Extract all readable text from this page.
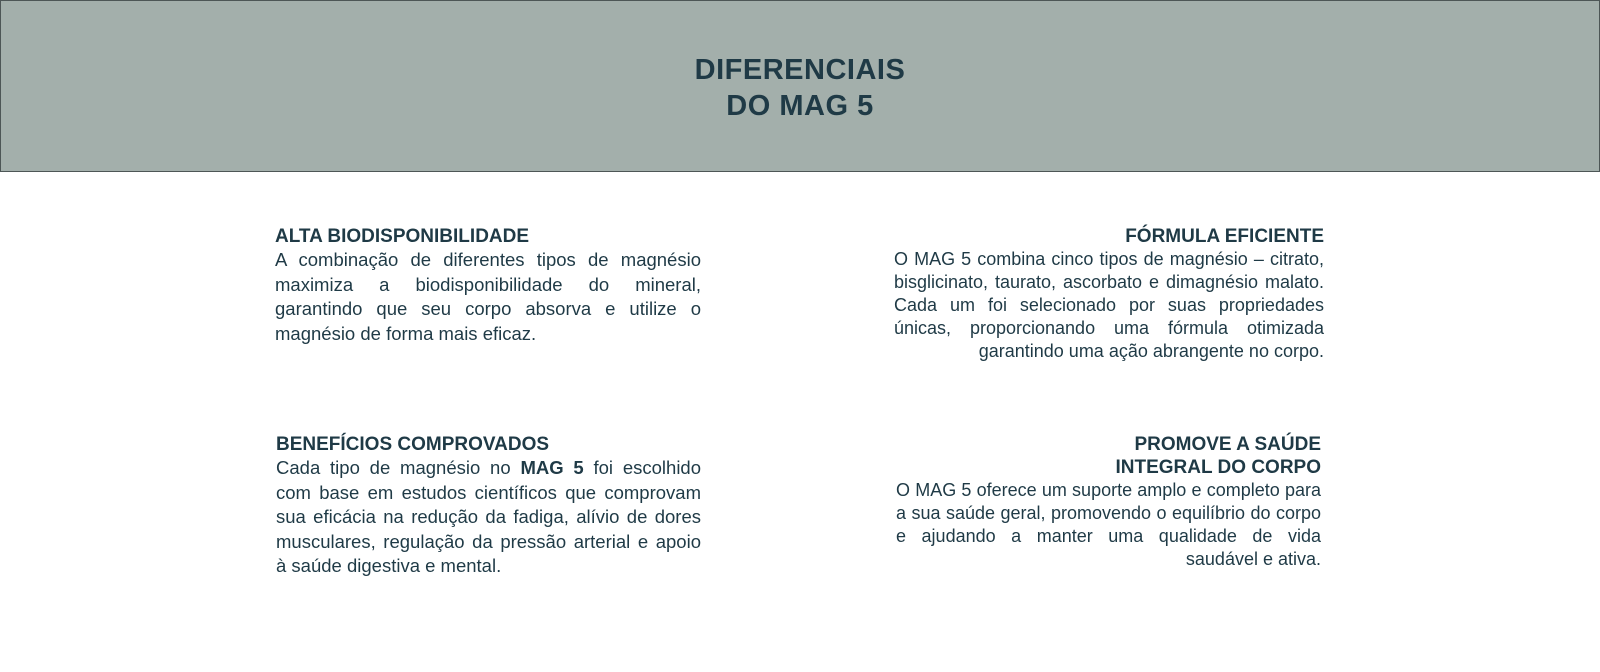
DIFERENCIAIS
DO MAG 5
ALTA BIODISPONIBILIDADE

A combinação de diferentes tipos de magnésio maximiza a biodisponibilidade do mineral, garantindo que seu corpo absorva e utilize o magnésio de forma mais eficaz.

FÓRMULA EFICIENTE

O MAG 5 combina cinco tipos de magnésio – citrato, bisglicinato, taurato, ascorbato e dimagnésio malato. Cada um foi selecionado por suas propriedades únicas, proporcionando uma fórmula otimizada garantindo uma ação abrangente no corpo.

BENEFÍCIOS COMPROVADOS

Cada tipo de magnésio no MAG 5 foi escolhido com base em estudos científicos que comprovam sua eficácia na redução da fadiga, alívio de dores musculares, regulação da pressão arterial e apoio à saúde digestiva e mental.

PROMOVE A SAÚDE
INTEGRAL DO CORPO

O MAG 5 oferece um suporte amplo e completo para a sua saúde geral, promovendo o equilíbrio do corpo e ajudando a manter uma qualidade de vida saudável e ativa.
